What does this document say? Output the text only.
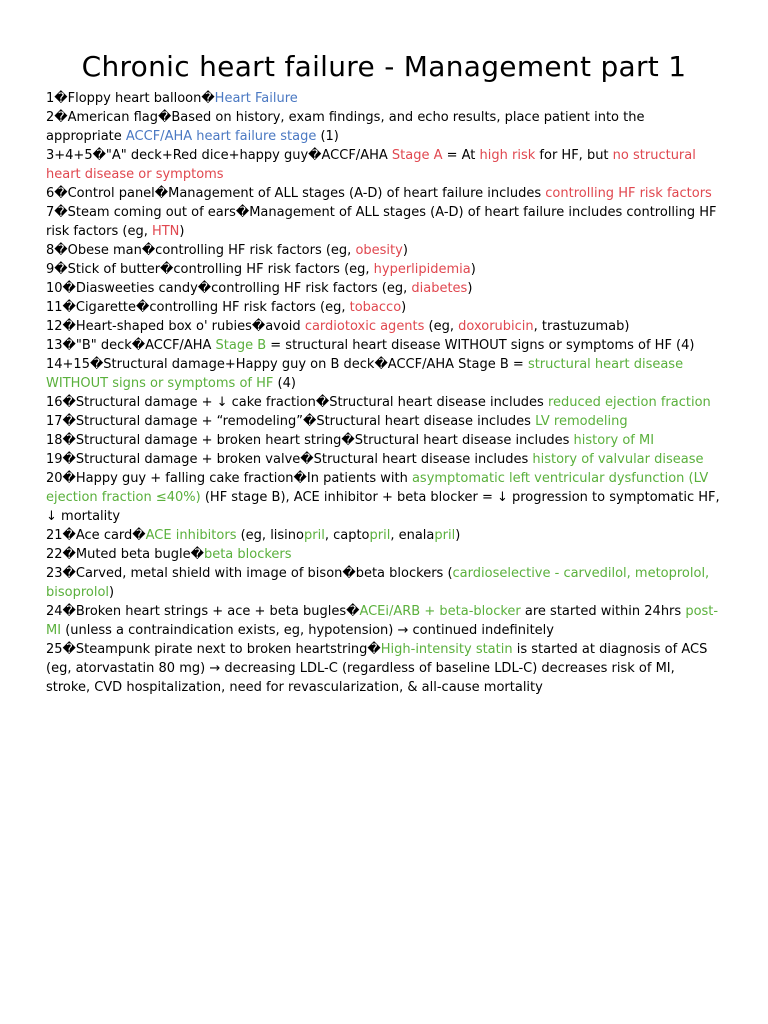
Chronic heart failure - Management part 1

1�Floppy heart balloon�Heart Failure

2�American flag�Based on history, exam findings, and echo results, place patient into the appropriate ACCF/AHA heart failure stage (1)

3+4+5�"A" deck+Red dice+happy guy�ACCF/AHA Stage A = At high risk for HF, but no structural heart disease or symptoms

6�Control panel�Management of ALL stages (A-D) of heart failure includes controlling HF risk factors

7�Steam coming out of ears�Management of ALL stages (A-D) of heart failure includes controlling HF risk factors (eg, HTN)

8�Obese man�controlling HF risk factors (eg, obesity)

9�Stick of butter�controlling HF risk factors (eg, hyperlipidemia)

10�Diasweeties candy�controlling HF risk factors (eg, diabetes)

11�Cigarette�controlling HF risk factors (eg, tobacco)

12�Heart-shaped box o' rubies�avoid cardiotoxic agents (eg, doxorubicin, trastuzumab)

13�"B" deck�ACCF/AHA Stage B = structural heart disease WITHOUT signs or symptoms of HF (4)

14+15�Structural damage+Happy guy on B deck�ACCF/AHA Stage B = structural heart disease WITHOUT signs or symptoms of HF (4)

16�Structural damage + ↓ cake fraction�Structural heart disease includes reduced ejection fraction

17�Structural damage + “remodeling”�Structural heart disease includes LV remodeling

18�Structural damage + broken heart string�Structural heart disease includes history of MI

19�Structural damage + broken valve�Structural heart disease includes history of valvular disease

20�Happy guy + falling cake fraction�In patients with asymptomatic left ventricular dysfunction (LV ejection fraction ≤40%) (HF stage B), ACE inhibitor + beta blocker = ↓ progression to symptomatic HF, ↓ mortality

21�Ace card�ACE inhibitors (eg, lisinopril, captopril, enalapril)

22�Muted beta bugle�beta blockers

23�Carved, metal shield with image of bison�beta blockers (cardioselective - carvedilol, metoprolol, bisoprolol)

24�Broken heart strings + ace + beta bugles�ACEi/ARB + beta-blocker are started within 24hrs post-MI (unless a contraindication exists, eg, hypotension) → continued indefinitely

25�Steampunk pirate next to broken heartstring�High-intensity statin is started at diagnosis of ACS (eg, atorvastatin 80 mg) → decreasing LDL-C (regardless of baseline LDL-C) decreases risk of MI, stroke, CVD hospitalization, need for revascularization, & all-cause mortality
